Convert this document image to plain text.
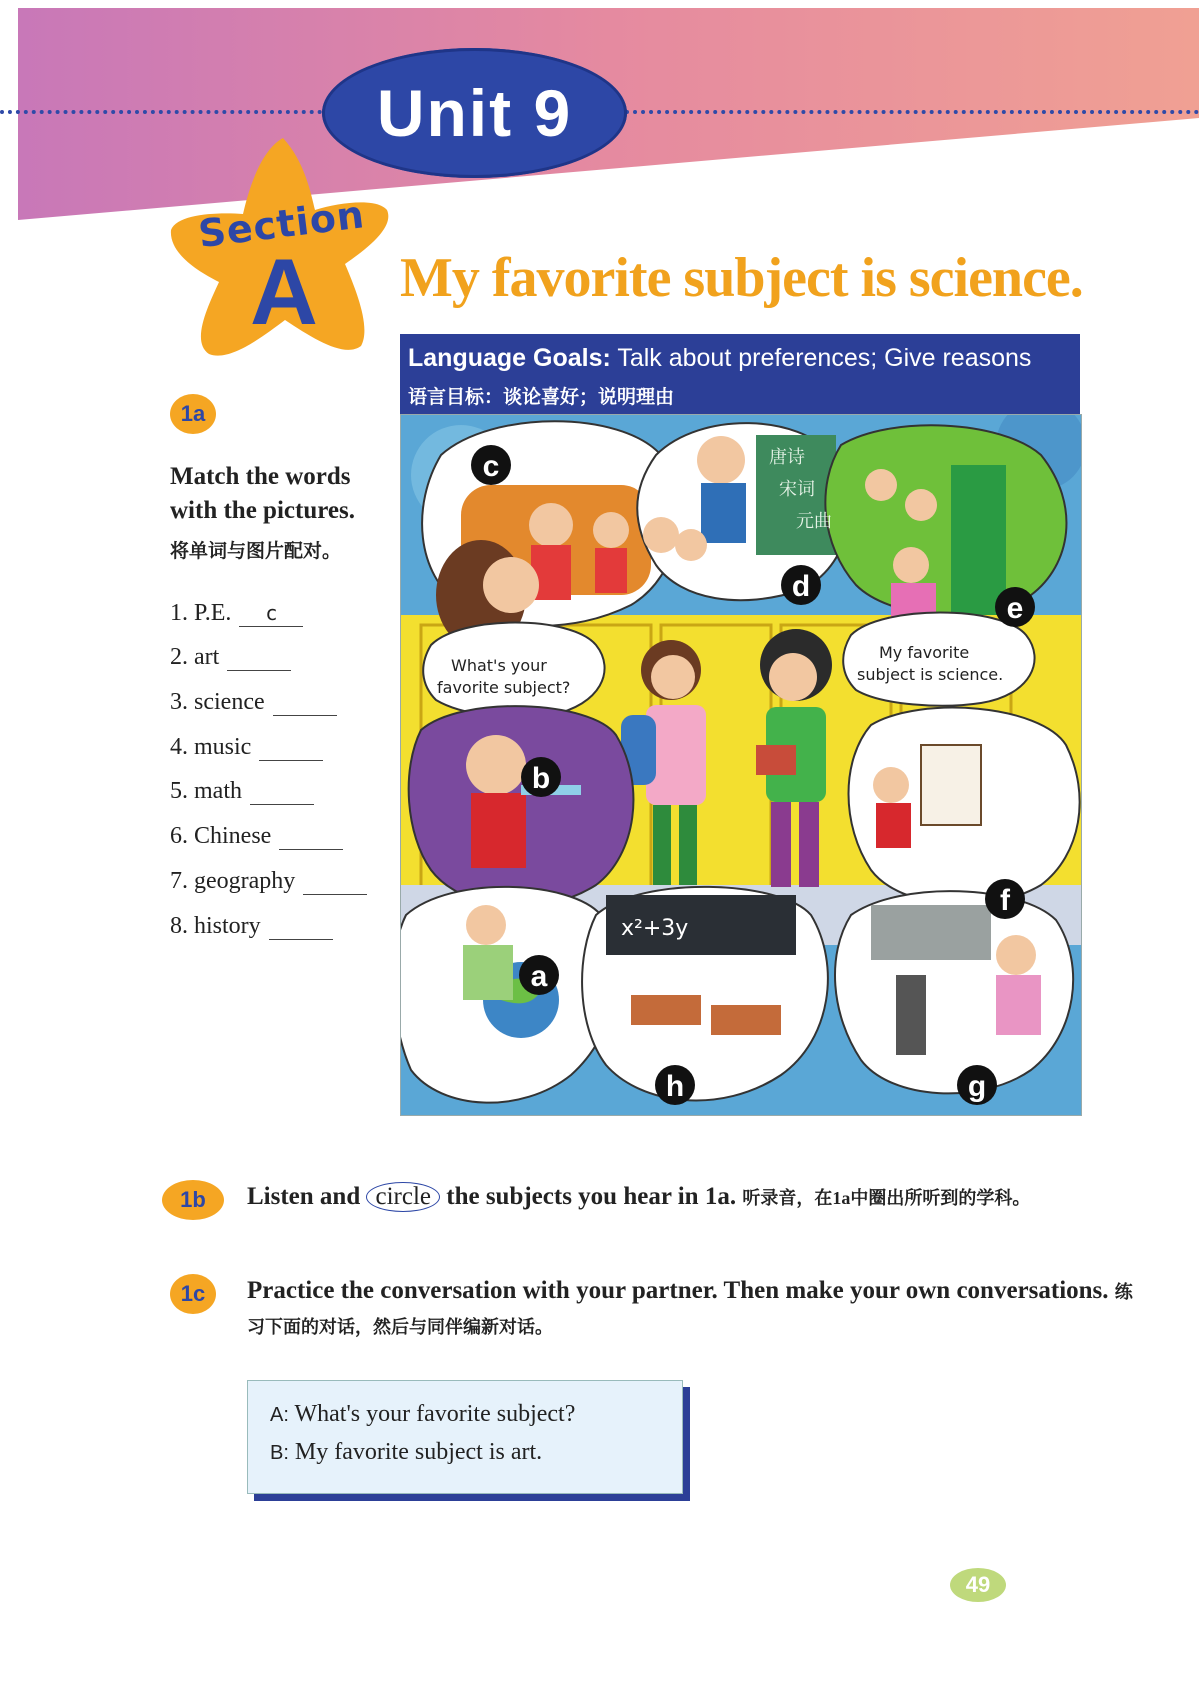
Unit 9
Section
A My favorite subject is science.
Language Goals: Talk about preferences; Give reasons
语言目标：谈论喜好；说明理由
What's your
favorite subject?
My favorite
subject is science.
x²+3y
唐诗
宋词
元曲
c
d
e
b
f
a
h	g
1a
Match the words with the pictures.
将单词与图片配对。
1. P.E.	c
2. art
3. science
4. music
5. math
6. Chinese
7. geography
8. history
1b	Listen and circle the subjects you hear in 1a. 听录音，在1a中圈出所听到的学科。
1c	Practice the conversation with your partner. Then make your own conversations. 练习下面的对话，然后与同伴编新对话。
A: What's your favorite subject?
B: My favorite subject is art.
49
